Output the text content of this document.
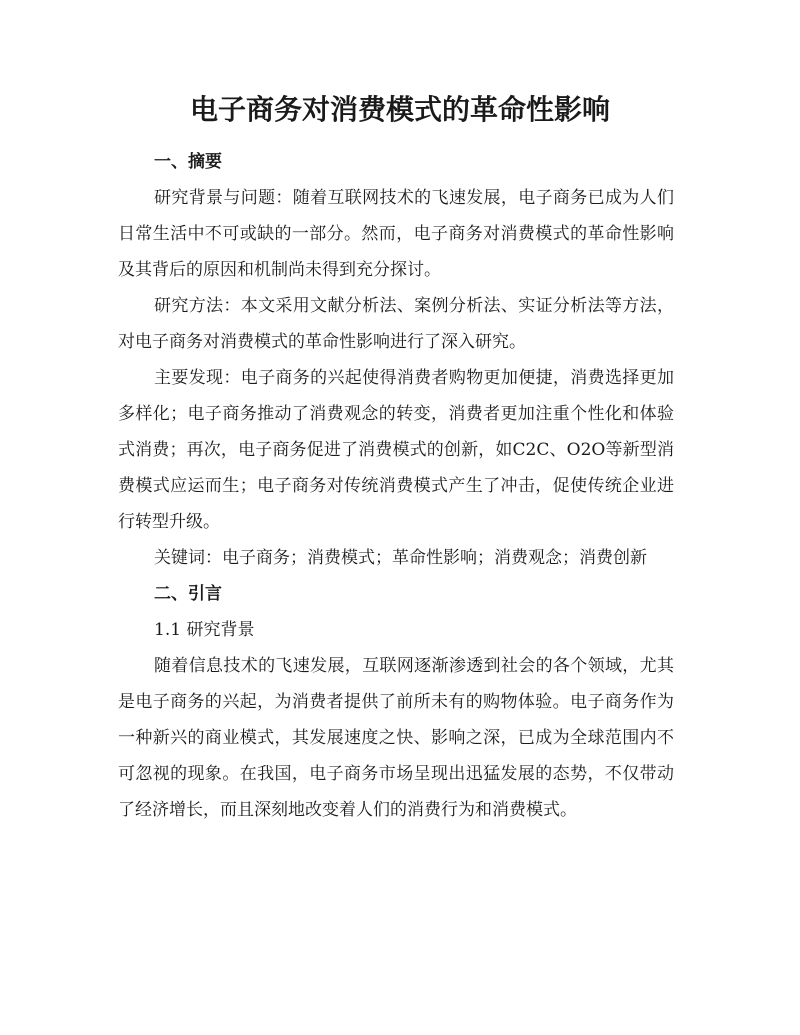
电子商务对消费模式的革命性影响
一、摘要

研究背景与问题：随着互联网技术的飞速发展，电子商务已成为人们日常生活中不可或缺的一部分。然而，电子商务对消费模式的革命性影响及其背后的原因和机制尚未得到充分探讨。

研究方法：本文采用文献分析法、案例分析法、实证分析法等方法，对电子商务对消费模式的革命性影响进行了深入研究。

主要发现：电子商务的兴起使得消费者购物更加便捷，消费选择更加多样化；电子商务推动了消费观念的转变，消费者更加注重个性化和体验式消费；再次，电子商务促进了消费模式的创新，如C2C、O2O等新型消费模式应运而生；电子商务对传统消费模式产生了冲击，促使传统企业进行转型升级。

关键词：电子商务；消费模式；革命性影响；消费观念；消费创新

二、引言

1.1 研究背景

随着信息技术的飞速发展，互联网逐渐渗透到社会的各个领域，尤其是电子商务的兴起，为消费者提供了前所未有的购物体验。电子商务作为一种新兴的商业模式，其发展速度之快、影响之深，已成为全球范围内不可忽视的现象。在我国，电子商务市场呈现出迅猛发展的态势，不仅带动了经济增长，而且深刻地改变着人们的消费行为和消费模式。
